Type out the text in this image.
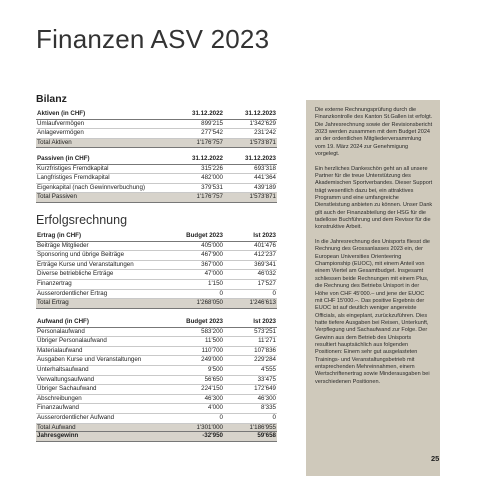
Finanzen ASV 2023
Bilanz
Aktiven (in CHF)	31.12.2022	31.12.2023
Umlaufvermögen	899'215	1'342'629
Anlagevermögen	277'542	231'242
Total Aktiven	1'176'757	1'573'871
Passiven (in CHF)	31.12.2022	31.12.2023
Kurzfristiges Fremdkapital	315'226	693'318
Langfristiges Fremdkapital	482'000	441'364
Eigenkapital (nach Gewinnverbuchung)	379'531	439'189
Total Passiven	1'176'757	1'573'871
Erfolgsrechnung
Ertrag (in CHF)	Budget 2023	Ist 2023
Beiträge Mitglieder	405'000	401'476
Sponsoring und übrige Beiträge	467'900	412'237
Erträge Kurse und Veranstaltungen	367'000	369'341
Diverse betriebliche Erträge	47'000	46'032
Finanzertrag	1'150	17'527
Ausserordentlicher Ertrag	0	0
Total Ertrag	1'268'050	1'246'613
Aufwand (in CHF)	Budget 2023	Ist 2023
Personalaufwand	583'200	573'251
Übriger Personalaufwand	11'500	11'271
Materialaufwand	110'700	107'836
Ausgaben Kurse und Veranstaltungen	249'000	229'284
Unterhaltsaufwand	9'500	4'555
Verwaltungsaufwand	56'650	33'475
Übriger Sachaufwand	224'150	172'649
Abschreibungen	46'300	46'300
Finanzaufwand	4'000	8'335
Ausserordentlicher Aufwand	0	0
Total Aufwand	1'301'000	1'186'955
Jahresgewinn	-32'950	59'658

Die externe Rechnungsprüfung durch die Finanzkontrolle des Kanton St.Gallen ist erfolgt. Die Jahresrechnung sowie der Revisionsbericht 2023 werden zusammen mit dem Budget 2024 an der ordentlichen Mitgliederversammlung vom 19. März 2024 zur Genehmigung vorgelegt.

Ein herzliches Dankeschön geht an all unsere Partner für die treue Unterstützung des Akademischen Sportverbandes. Dieser Support trägt wesentlich dazu bei, ein attraktives Programm und eine umfangreiche Dienstleistung anbieten zu können. Unser Dank gilt auch der Finanzabteilung der HSG für die tadellose Buchführung und dem Revisor für die konstruktive Arbeit.

In die Jahresrechnung des Unisports fliesst die Rechnung des Grossanlasses 2023 ein, der European Universities Orienteering Championship (EUOC), mit einem Anteil von einem Viertel am Gesamtbudget. Insgesamt schliessen beide Rechnungen mit einem Plus, die Rechnung des Betriebs Unisport in der Höhe von CHF 45'000.– und jene der EUOC mit CHF 15'000.–. Das positive Ergebnis der EUOC ist auf deutlich weniger angereiste Officials, als eingeplant, zurückzuführen. Dies hatte tiefere Ausgaben bei Reisen, Unterkunft, Verpflegung und Sachaufwand zur Folge. Der Gewinn aus dem Betrieb des Unisports resultiert hauptsächlich aus folgenden Positionen: Einem sehr gut ausgelasteten Trainings- und Veranstaltungsbetrieb mit entsprechenden Mehreinnahmen, einem Wertschriftenertrag sowie Minderausgaben bei verschiedenen Positionen.

25
